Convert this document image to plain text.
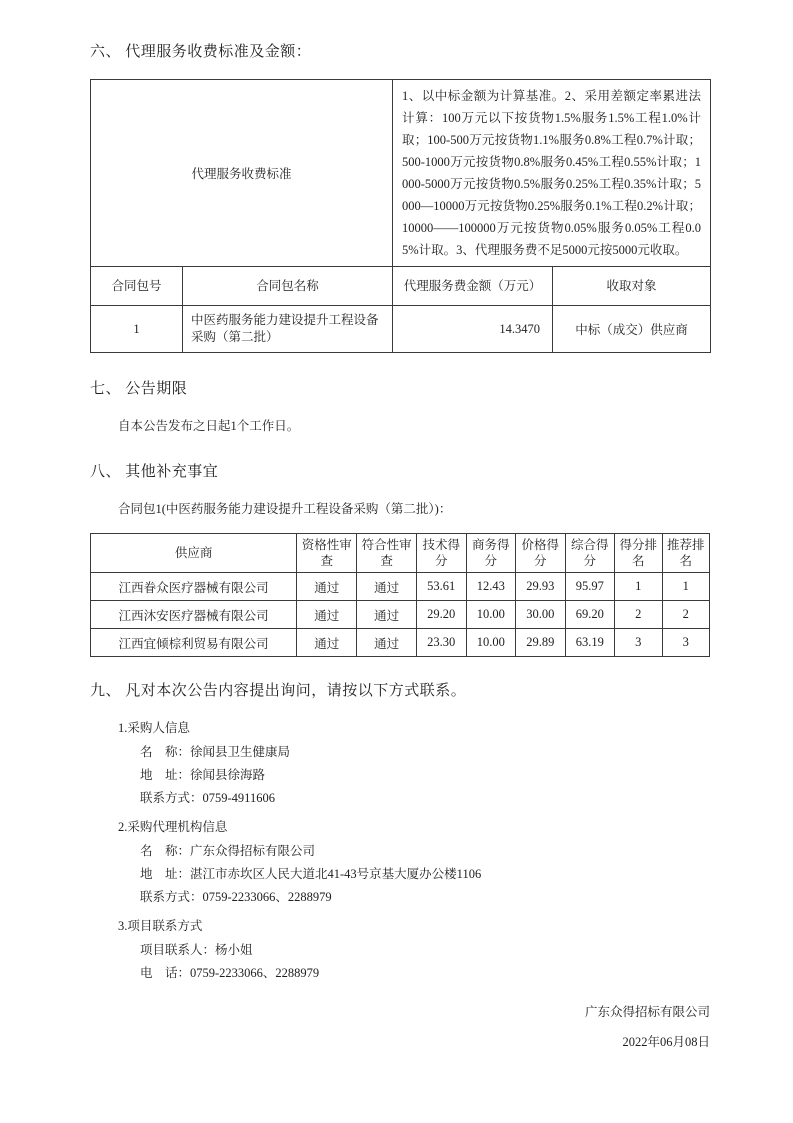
六、 代理服务收费标准及金额：

代理服务收费标准		1、以中标金额为计算基准。2、采用差额定率累进法计算：100万元以下按货物1.5%服务1.5%工程1.0%计取；100-500万元按货物1.1%服务0.8%工程0.7%计取；500-1000万元按货物0.8%服务0.45%工程0.55%计取；1000-5000万元按货物0.5%服务0.25%工程0.35%计取；5000—10000万元按货物0.25%服务0.1%工程0.2%计取；10000——100000万元按货物0.05%服务0.05%工程0.05%计取。3、代理服务费不足5000元按5000元收取。	
合同包号	合同包名称	代理服务费金额（万元）	收取对象
1	中医药服务能力建设提升工程设备采购（第二批）	14.3470	中标（成交）供应商

七、 公告期限

自本公告发布之日起1个工作日。

八、 其他补充事宜

合同包1(中医药服务能力建设提升工程设备采购（第二批）)：

供应商	资格性审查	符合性审查	技术得分	商务得分	价格得分	综合得分	得分排名	推荐排名
江西眷众医疗器械有限公司	通过	通过	53.61	12.43	29.93	95.97	1	1
江西沐安医疗器械有限公司	通过	通过	29.20	10.00	30.00	69.20	2	2
江西宜倾棕利贸易有限公司	通过	通过	23.30	10.00	29.89	63.19	3	3

九、 凡对本次公告内容提出询问，请按以下方式联系。

1.采购人信息

名　称：徐闻县卫生健康局

地　址：徐闻县徐海路

联系方式：0759-4911606

2.采购代理机构信息

名　称：广东众得招标有限公司

地　址：湛江市赤坎区人民大道北41-43号京基大厦办公楼1106

联系方式：0759-2233066、2288979

3.项目联系方式

项目联系人：杨小姐

电　话：0759-2233066、2288979

广东众得招标有限公司

2022年06月08日
